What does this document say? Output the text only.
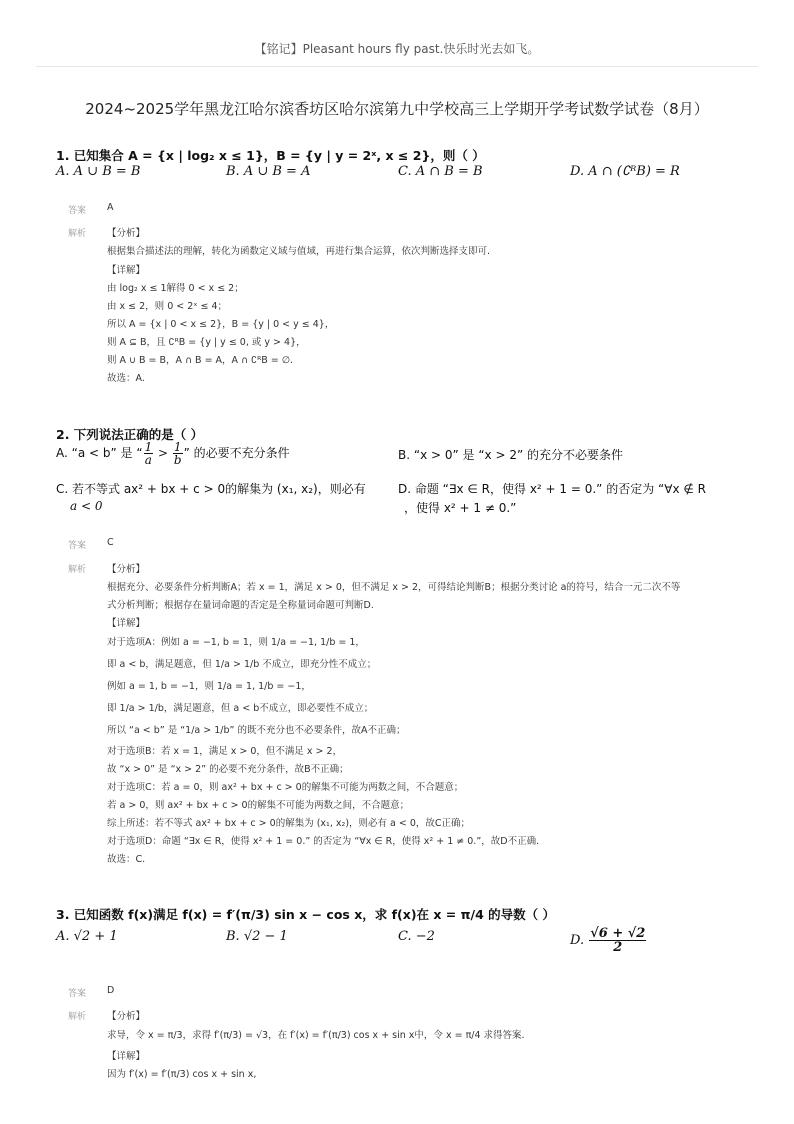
【铭记】Pleasant hours fly past.快乐时光去如飞。
2024~2025学年黑龙江哈尔滨香坊区哈尔滨第九中学校高三上学期开学考试数学试卷（8月）
1. 已知集合 A = {x | log₂ x ≤ 1}，B = {y | y = 2ˣ, x ≤ 2}，则（ ）
A. A ∪ B = B	B. A ∪ B = A	C. A ∩ B = B	D. A ∩ (∁ᴿB) = R
答案 A
解析 【分析】
根据集合描述法的理解，转化为函数定义域与值域，再进行集合运算，依次判断选择支即可.
【详解】
由 log₂ x ≤ 1解得 0 < x ≤ 2；
由 x ≤ 2，则 0 < 2ˣ ≤ 4；
所以 A = {x | 0 < x ≤ 2}，B = {y | 0 < y ≤ 4}，
则 A ⊆ B，且 ∁ᴿB = {y | y ≤ 0, 或 y > 4}，
则 A ∪ B = B，A ∩ B = A，A ∩ ∁ᴿB = ∅.
故选：A.
2. 下列说法正确的是（ ）
A. “a < b” 是 “ $\frac{1}{a} > \frac{1}{b}$ ” 的必要不充分条件	B. “x > 0” 是 “x > 2” 的充分不必要条件
C. 若不等式 ax² + bx + c > 0的解集为 (x₁, x₂)，则必有
a < 0
D. 命题 “∃x ∈ R，使得 x² + 1 = 0.” 的否定为 “∀x ∉ R
，使得 x² + 1 ≠ 0.”
答案 C
解析 【分析】
根据充分、必要条件分析判断A；若 x = 1，满足 x > 0，但不满足 x > 2，可得结论判断B；根据分类讨论 a的符号，结合一元二次不等
式分析判断；根据存在量词命题的否定是全称量词命题可判断D.
【详解】
对于选项A：例如 a = −1, b = 1，则 1/a = −1, 1/b = 1，
即 a < b，满足题意，但 1/a > 1/b 不成立，即充分性不成立；
例如 a = 1, b = −1，则 1/a = 1, 1/b = −1，
即 1/a > 1/b，满足题意，但 a < b不成立，即必要性不成立；
所以 “a < b” 是 “1/a > 1/b” 的既不充分也不必要条件，故A不正确；
对于选项B：若 x = 1，满足 x > 0，但不满足 x > 2，
故 “x > 0” 是 “x > 2” 的必要不充分条件，故B不正确；
对于选项C：若 a = 0，则 ax² + bx + c > 0的解集不可能为两数之间，不合题意；
若 a > 0，则 ax² + bx + c > 0的解集不可能为两数之间，不合题意；
综上所述：若不等式 ax² + bx + c > 0的解集为 (x₁, x₂)，则必有 a < 0，故C正确；
对于选项D：命题 “∃x ∈ R，使得 x² + 1 = 0.” 的否定为 “∀x ∈ R，使得 x² + 1 ≠ 0.”，故D不正确.
故选：C.
3. 已知函数 f(x)满足 f(x) = f′(π/3) sin x − cos x，求 f(x)在 x = π/4 的导数（ ）
A. √2 + 1	B. √2 − 1	C. −2	D. $\frac{√6 + √2}{2}$
答案 D
解析 【分析】
求导，令 x = π/3，求得 f′(π/3) = √3，在 f′(x) = f′(π/3) cos x + sin x中，令 x = π/4 求得答案.
【详解】
因为 f′(x) = f′(π/3) cos x + sin x,
